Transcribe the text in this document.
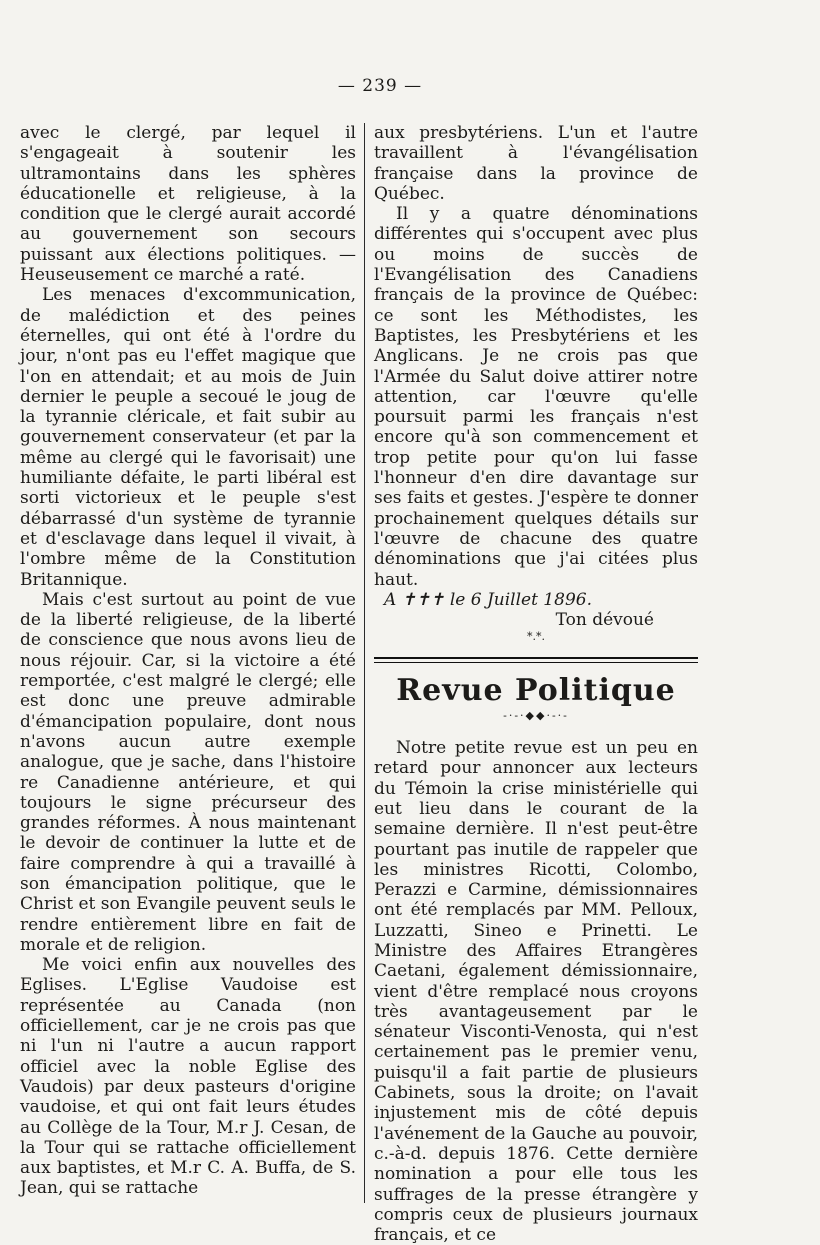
— 239 —

avec le clergé, par lequel il s'engageait à soutenir les ultramontains dans les sphères éducationelle et religieuse, à la condition que le clergé aurait accordé au gouvernement son secours puissant aux élections politiques. — Heuseusement ce marché a raté.

Les menaces d'excommunication, de malédiction et des peines éternelles, qui ont été à l'ordre du jour, n'ont pas eu l'effet magique que l'on en attendait; et au mois de Juin dernier le peuple a secoué le joug de la tyrannie cléricale, et fait subir au gouvernement conservateur (et par la même au clergé qui le favorisait) une humiliante défaite, le parti libéral est sorti victorieux et le peuple s'est débarrassé d'un système de tyrannie et d'esclavage dans lequel il vivait, à l'ombre même de la Constitution Britannique.

Mais c'est surtout au point de vue de la liberté religieuse, de la liberté de conscience que nous avons lieu de nous réjouir. Car, si la victoire a été remportée, c'est malgré le clergé; elle est donc une preuve admirable d'émancipation populaire, dont nous n'avons aucun autre exemple analogue, que je sache, dans l'histoire re Canadienne antérieure, et qui toujours le signe précurseur des grandes réformes. À nous maintenant le devoir de continuer la lutte et de faire comprendre à qui a travaillé à son émancipation politique, que le Christ et son Evangile peuvent seuls le rendre entièrement libre en fait de morale et de religion.

Me voici enfin aux nouvelles des Eglises. L'Eglise Vaudoise est représentée au Canada (non officiellement, car je ne crois pas que ni l'un ni l'autre a aucun rapport officiel avec la noble Eglise des Vaudois) par deux pasteurs d'origine vaudoise, et qui ont fait leurs études au Collège de la Tour, M.r J. Cesan, de la Tour qui se rattache officiellement aux baptistes, et M.r C. A. Buffa, de S. Jean, qui se rattache

aux presbytériens. L'un et l'autre travaillent à l'évangélisation française dans la province de Québec.

Il y a quatre dénominations différentes qui s'occupent avec plus ou moins de succès de l'Evangélisation des Canadiens français de la province de Québec: ce sont les Méthodistes, les Baptistes, les Presbytériens et les Anglicans. Je ne crois pas que l'Armée du Salut doive attirer notre attention, car l'œuvre qu'elle poursuit parmi les français n'est encore qu'à son commencement et trop petite pour qu'on lui fasse l'honneur d'en dire davantage sur ses faits et gestes. J'espère te donner prochainement quelques détails sur l'œuvre de chacune des quatre dénominations que j'ai citées plus haut.

A ✝✝✝ le 6 Juillet 1896.

Ton dévoué

*.*.
Revue Politique
-·-·◆◆·-·-

Notre petite revue est un peu en retard pour annoncer aux lecteurs du Témoin la crise ministérielle qui eut lieu dans le courant de la semaine dernière. Il n'est peut-être pourtant pas inutile de rappeler que les ministres Ricotti, Colombo, Perazzi e Carmine, démissionnaires ont été remplacés par MM. Pelloux, Luzzatti, Sineo e Prinetti. Le Ministre des Affaires Etrangères Caetani, également démissionnaire, vient d'être remplacé nous croyons très avantageusement par le sénateur Visconti-Venosta, qui n'est certainement pas le premier venu, puisqu'il a fait partie de plusieurs Cabinets, sous la droite; on l'avait injustement mis de côté depuis l'avénement de la Gauche au pouvoir, c.-à-d. depuis 1876. Cette dernière nomination a pour elle tous les suffrages de la presse étrangère y compris ceux de plusieurs journaux français, et ce
